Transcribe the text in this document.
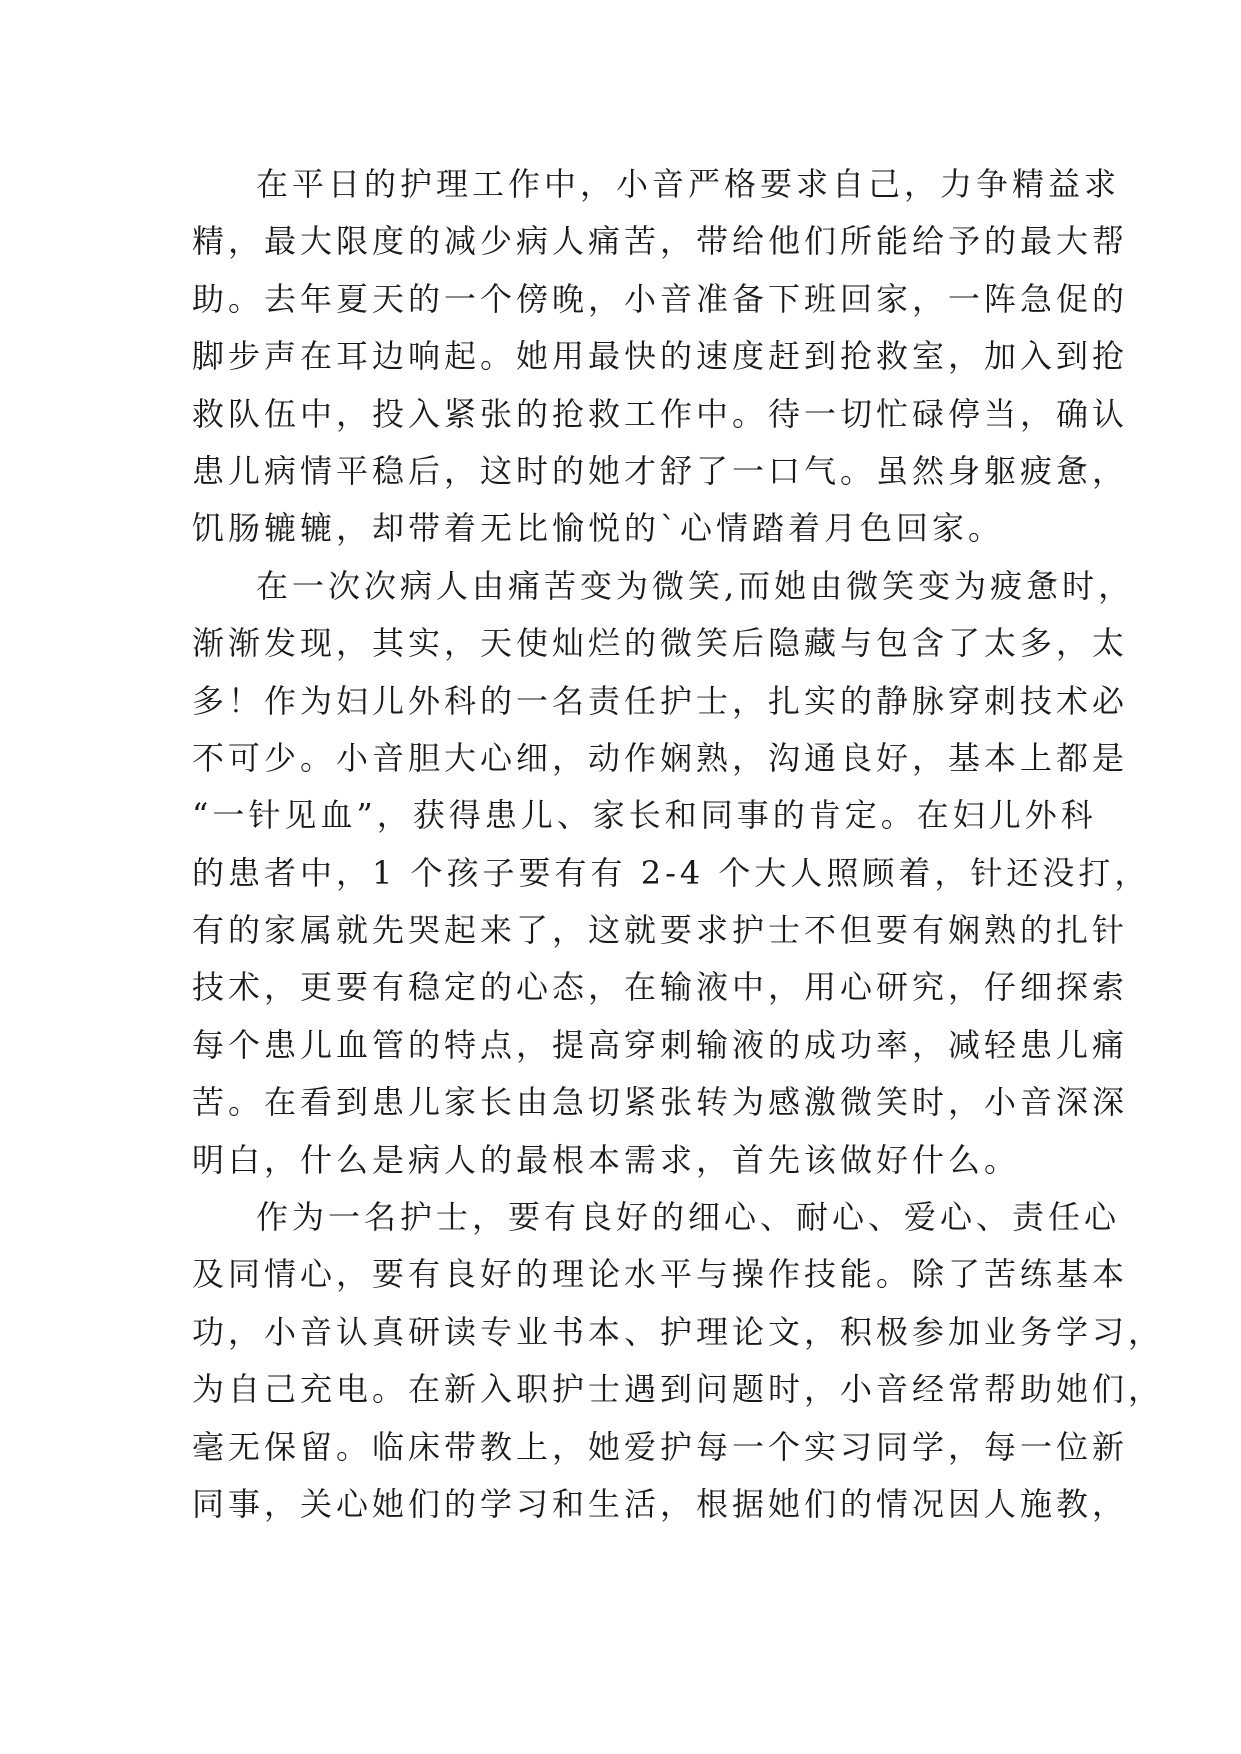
在平日的护理工作中，小音严格要求自己，力争精益求
精，最大限度的减少病人痛苦，带给他们所能给予的最大帮
助。去年夏天的一个傍晚，小音准备下班回家，一阵急促的
脚步声在耳边响起。她用最快的速度赶到抢救室，加入到抢
救队伍中，投入紧张的抢救工作中。待一切忙碌停当，确认
患儿病情平稳后，这时的她才舒了一口气。虽然身躯疲惫，
饥肠辘辘，却带着无比愉悦的`心情踏着月色回家。
在一次次病人由痛苦变为微笑,而她由微笑变为疲惫时，
渐渐发现，其实，天使灿烂的微笑后隐藏与包含了太多，太
多！作为妇儿外科的一名责任护士，扎实的静脉穿刺技术必
不可少。小音胆大心细，动作娴熟，沟通良好，基本上都是
“一针见血”，获得患儿、家长和同事的肯定。在妇儿外科
的患者中，1 个孩子要有有 2-4 个大人照顾着，针还没打，
有的家属就先哭起来了，这就要求护士不但要有娴熟的扎针
技术，更要有稳定的心态，在输液中，用心研究，仔细探索
每个患儿血管的特点，提高穿刺输液的成功率，减轻患儿痛
苦。在看到患儿家长由急切紧张转为感激微笑时，小音深深
明白，什么是病人的最根本需求，首先该做好什么。
作为一名护士，要有良好的细心、耐心、爱心、责任心
及同情心，要有良好的理论水平与操作技能。除了苦练基本
功，小音认真研读专业书本、护理论文，积极参加业务学习，
为自己充电。在新入职护士遇到问题时，小音经常帮助她们，
毫无保留。临床带教上，她爱护每一个实习同学，每一位新
同事，关心她们的学习和生活，根据她们的情况因人施教，
